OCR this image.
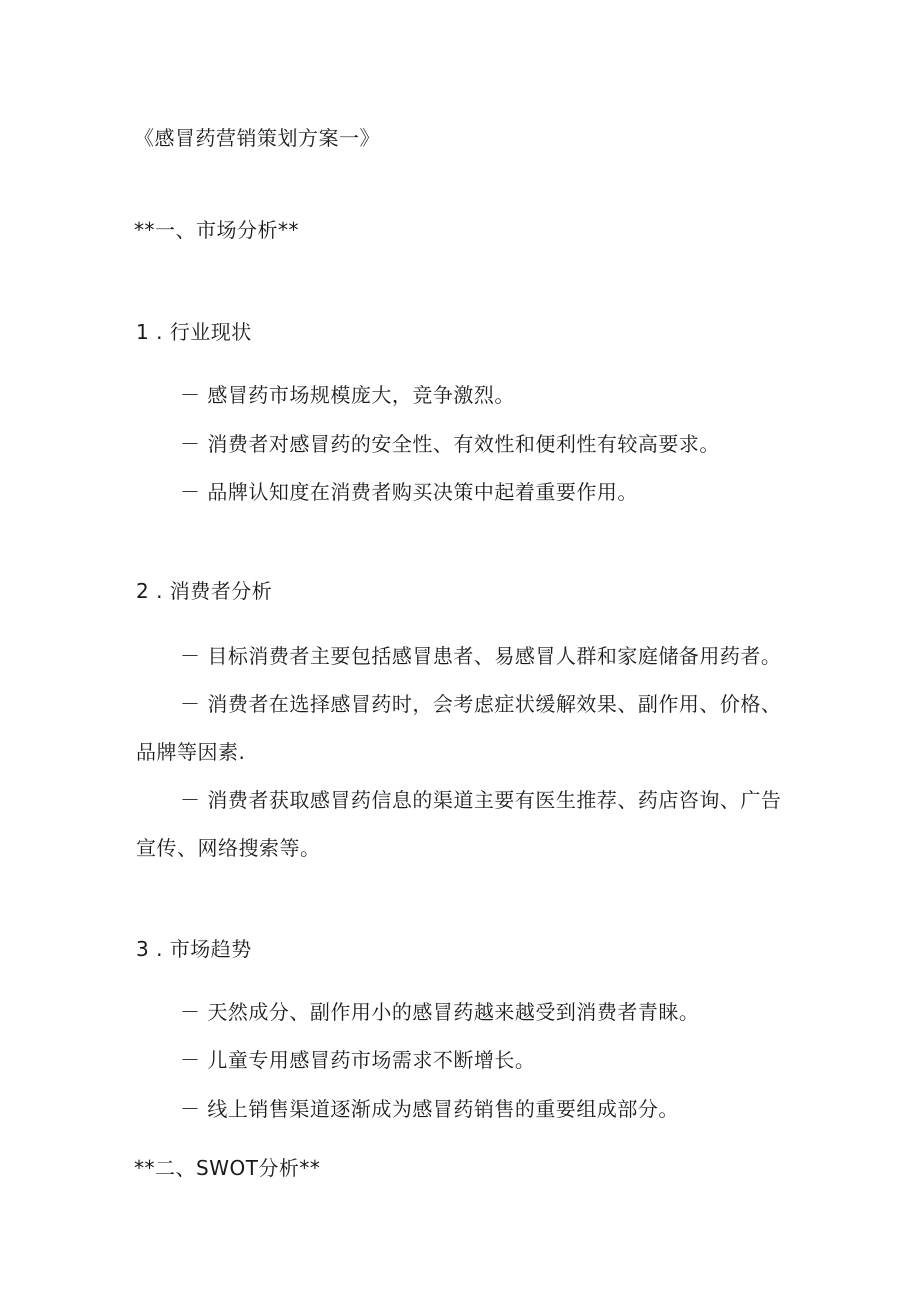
《感冒药营销策划方案一》
**一、市场分析**
1 . 行业现状
－ 感冒药市场规模庞大，竞争激烈。
－ 消费者对感冒药的安全性、有效性和便利性有较高要求。
－ 品牌认知度在消费者购买决策中起着重要作用。
2 . 消费者分析
－ 目标消费者主要包括感冒患者、易感冒人群和家庭储备用药者。
－ 消费者在选择感冒药时，会考虑症状缓解效果、副作用、价格、
品牌等因素.
－ 消费者获取感冒药信息的渠道主要有医生推荐、药店咨询、广告
宣传、网络搜索等。
3 . 市场趋势
－ 天然成分、副作用小的感冒药越来越受到消费者青睐。
－ 儿童专用感冒药市场需求不断增长。
－ 线上销售渠道逐渐成为感冒药销售的重要组成部分。
**二、SWOT分析**
